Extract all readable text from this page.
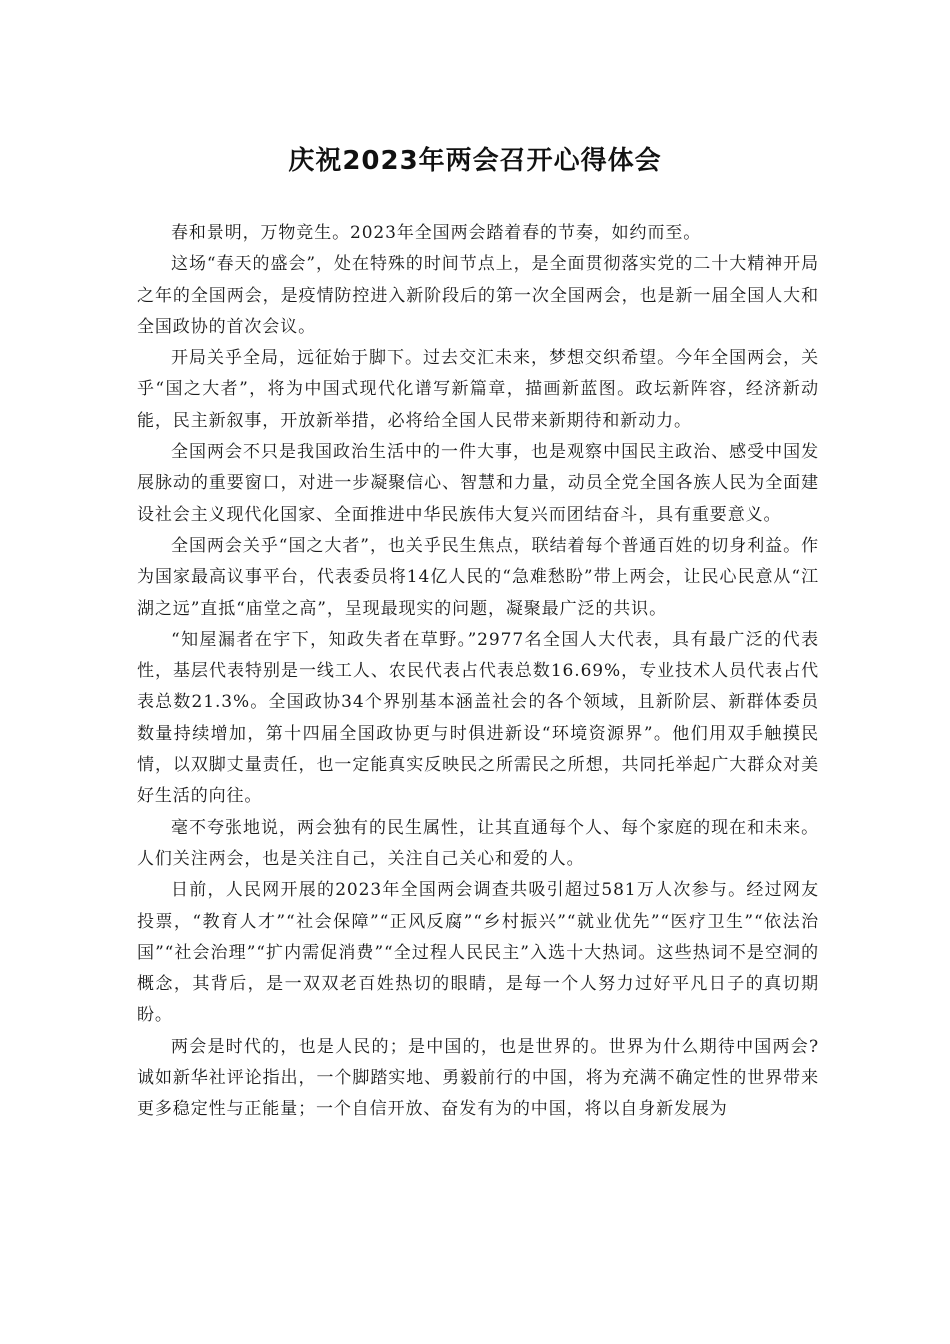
庆祝2023年两会召开心得体会

春和景明，万物竞生。2023年全国两会踏着春的节奏，如约而至。

这场“春天的盛会”，处在特殊的时间节点上，是全面贯彻落实党的二十大精神开局之年的全国两会，是疫情防控进入新阶段后的第一次全国两会，也是新一届全国人大和全国政协的首次会议。

开局关乎全局，远征始于脚下。过去交汇未来，梦想交织希望。今年全国两会，关乎“国之大者”，将为中国式现代化谱写新篇章，描画新蓝图。政坛新阵容，经济新动能，民主新叙事，开放新举措，必将给全国人民带来新期待和新动力。

全国两会不只是我国政治生活中的一件大事，也是观察中国民主政治、感受中国发展脉动的重要窗口，对进一步凝聚信心、智慧和力量，动员全党全国各族人民为全面建设社会主义现代化国家、全面推进中华民族伟大复兴而团结奋斗，具有重要意义。

全国两会关乎“国之大者”，也关乎民生焦点，联结着每个普通百姓的切身利益。作为国家最高议事平台，代表委员将14亿人民的“急难愁盼”带上两会，让民心民意从“江湖之远”直抵“庙堂之高”，呈现最现实的问题，凝聚最广泛的共识。

“知屋漏者在宇下，知政失者在草野。”2977名全国人大代表，具有最广泛的代表性，基层代表特别是一线工人、农民代表占代表总数16.69%，专业技术人员代表占代表总数21.3%。全国政协34个界别基本涵盖社会的各个领域，且新阶层、新群体委员数量持续增加，第十四届全国政协更与时俱进新设“环境资源界”。他们用双手触摸民情，以双脚丈量责任，也一定能真实反映民之所需民之所想，共同托举起广大群众对美好生活的向往。

毫不夸张地说，两会独有的民生属性，让其直通每个人、每个家庭的现在和未来。人们关注两会，也是关注自己，关注自己关心和爱的人。

日前，人民网开展的2023年全国两会调查共吸引超过581万人次参与。经过网友投票，“教育人才”“社会保障”“正风反腐”“乡村振兴”“就业优先”“医疗卫生”“依法治国”“社会治理”“扩内需促消费”“全过程人民民主”入选十大热词。这些热词不是空洞的概念，其背后，是一双双老百姓热切的眼睛，是每一个人努力过好平凡日子的真切期盼。

两会是时代的，也是人民的；是中国的，也是世界的。世界为什么期待中国两会?诚如新华社评论指出，一个脚踏实地、勇毅前行的中国，将为充满不确定性的世界带来更多稳定性与正能量；一个自信开放、奋发有为的中国，将以自身新发展为
